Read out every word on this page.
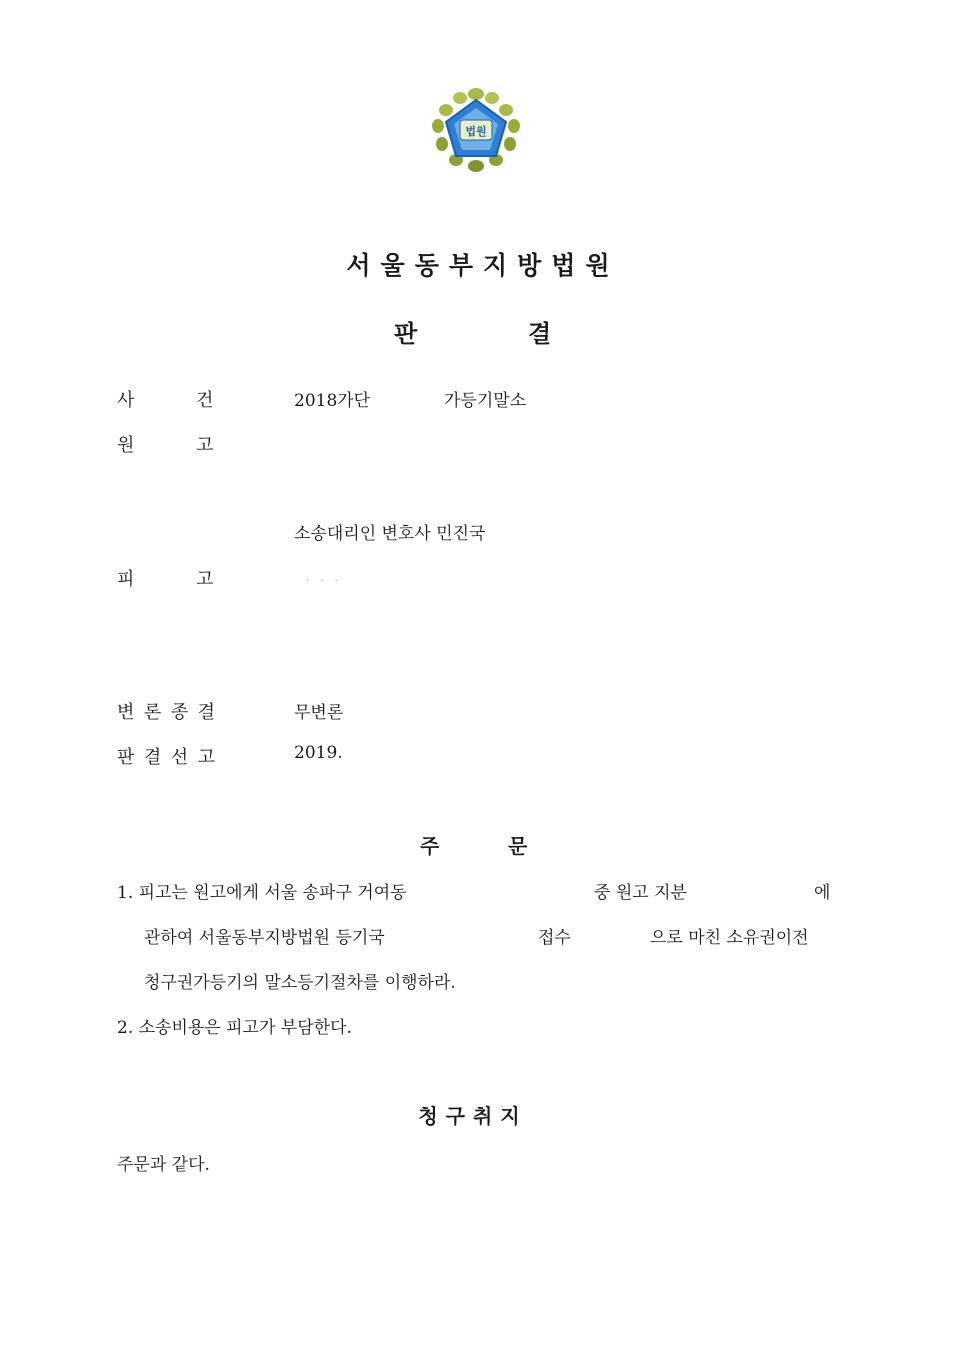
법원
서울동부지방법원
판	결
사	건	2018가단	가등기말소
원	고
소송대리인 변호사 민진국
피	고	· · ·
변 론 종 결	무변론
판 결 선 고	2019.
주	문
1. 피고는 원고에게 서울 송파구 거여동	중 원고 지분	에
관하여 서울동부지방법원 등기국	접수	으로 마친 소유권이전
청구권가등기의 말소등기절차를 이행하라.
2. 소송비용은 피고가 부담한다.
청구취지
주문과 같다.
